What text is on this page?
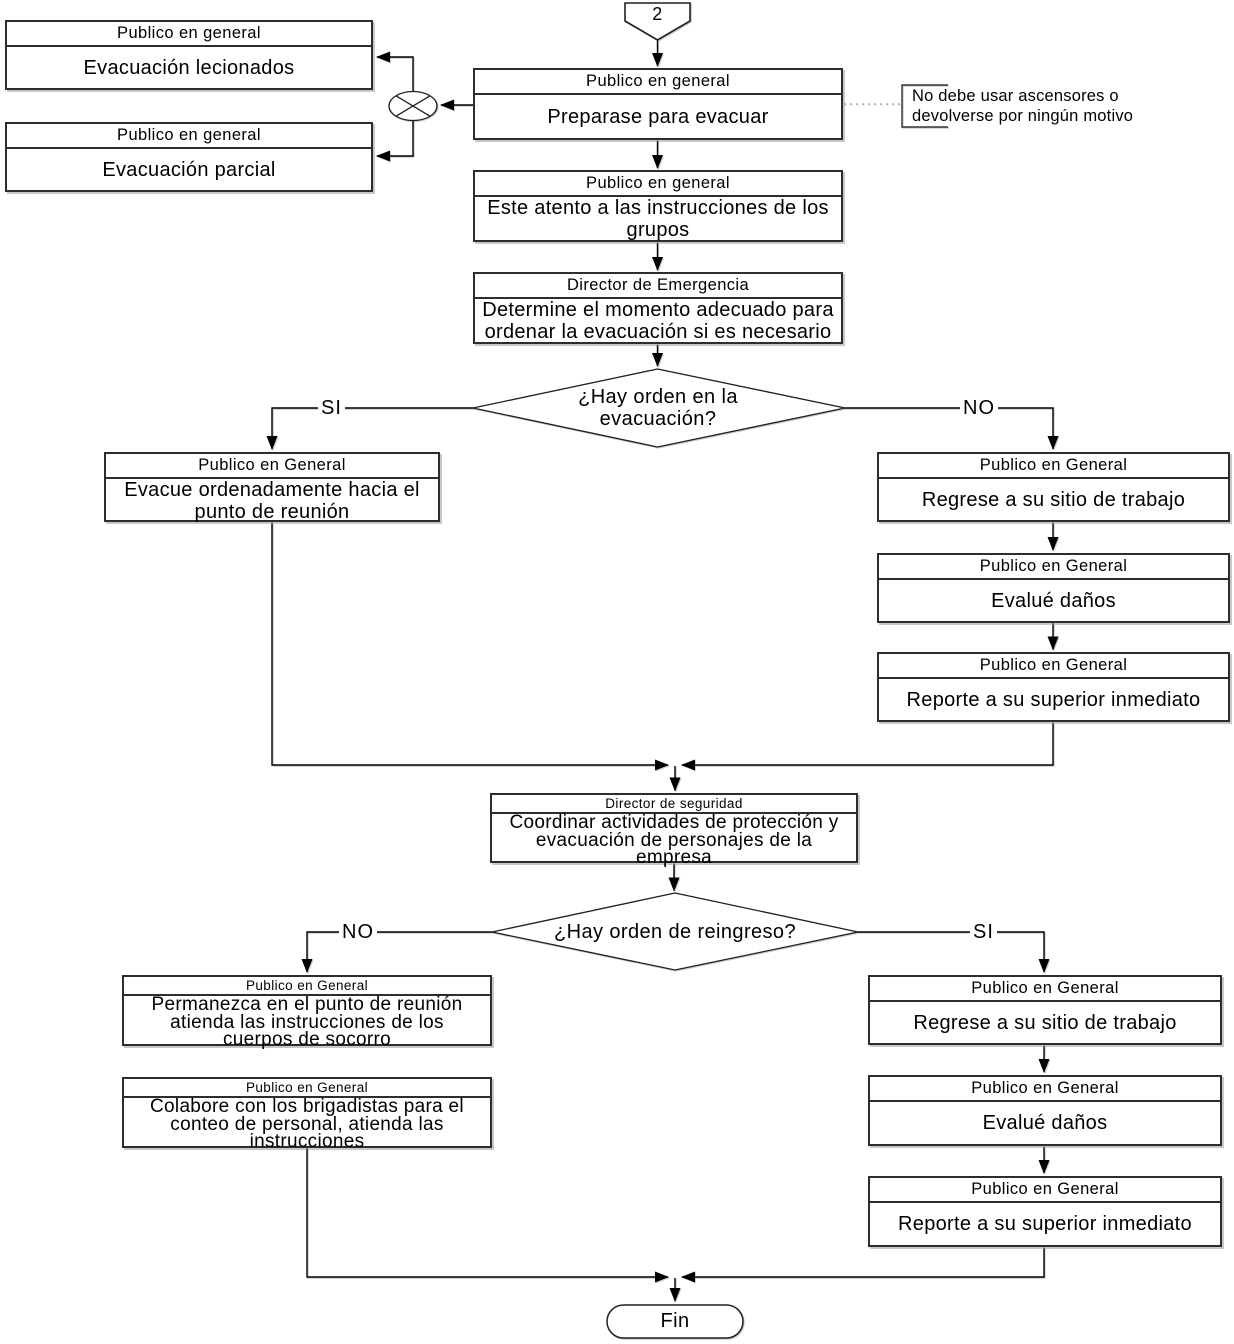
2
No debe usar ascensores o devolverse por ningún motivo
¿Hay orden en la evacuación?
SI	NO
¿Hay orden de reingreso?
NO	SI
Fin
Publico en general
Evacuación lecionados
Publico en general
Evacuación parcial
Publico en general
Preparase para evacuar
Publico en general
Este atento a las instrucciones de los grupos
Director de Emergencia
Determine el momento adecuado para ordenar la evacuación si es necesario
Publico en General
Evacue ordenadamente hacia el punto de reunión
Publico en General
Regrese a su sitio de trabajo
Publico en General
Evalué daños
Publico en General
Reporte a su superior inmediato
Director de seguridad
Coordinar actividades de protección y evacuación de personajes de la empresa
Publico en General
Permanezca en el punto de reunión atienda las instrucciones de los cuerpos de socorro
Publico en General
Colabore con los brigadistas para el conteo de personal, atienda las instrucciones
Publico en General
Regrese a su sitio de trabajo
Publico en General
Evalué daños
Publico en General
Reporte a su superior inmediato
